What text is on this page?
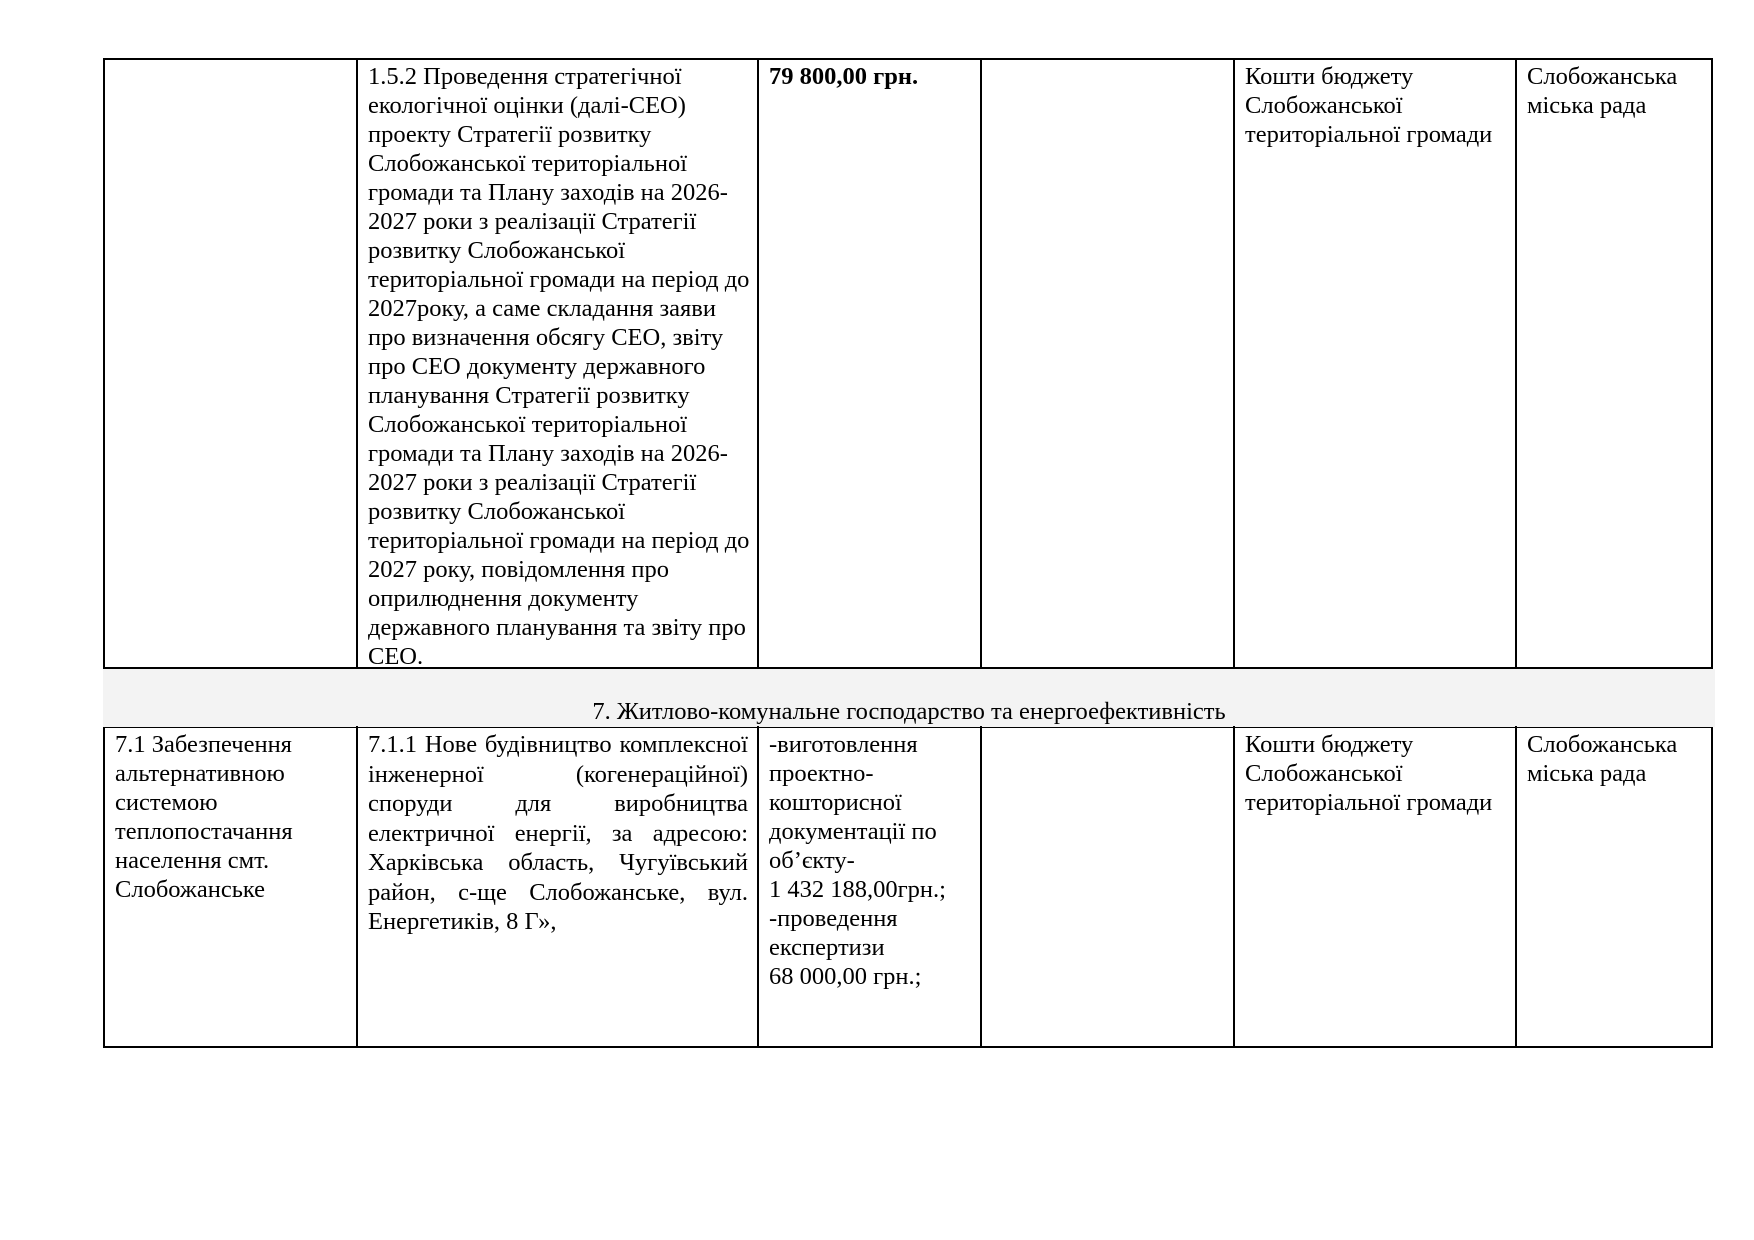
7. Житлово-комунальне господарство та енергоефективність
1.5.2 Проведення стратегічної екологічної оцінки (далі-СЕО) проекту Стратегії розвитку Слобожанської територіальної громади та Плану заходів на 2026-2027 роки з реалізації Стратегії розвитку Слобожанської територіальної громади на період до 2027року, а саме складання заяви про визначення обсягу СЕО, звіту про СЕО документу державного планування Стратегії розвитку Слобожанської територіальної громади та Плану заходів на 2026-2027 роки з реалізації Стратегії розвитку Слобожанської територіальної громади на період до 2027 року, повідомлення про оприлюднення документу державного планування та звіту про СЕО.
79 800,00 грн.	Кошти бюджету Слобожанської територіальної громади
Слобожанська міська рада
7.1 Забезпечення альтернативною системою теплопостачання населення смт. Слобожанське
7.1.1 Нове будівництво комплексної інженерної (когенераційної) споруди для виробництва електричної енергії, за адресою: Харківська область, Чугуївський район, с-ще Слобожанське, вул. Енергетиків, 8 Г»,
-виготовлення
проектно-
кошторисної
документації по
об’єкту-
1 432 188,00грн.;
-проведення
експертизи
68 000,00 грн.;
Кошти бюджету Слобожанської територіальної громади
Слобожанська міська рада
